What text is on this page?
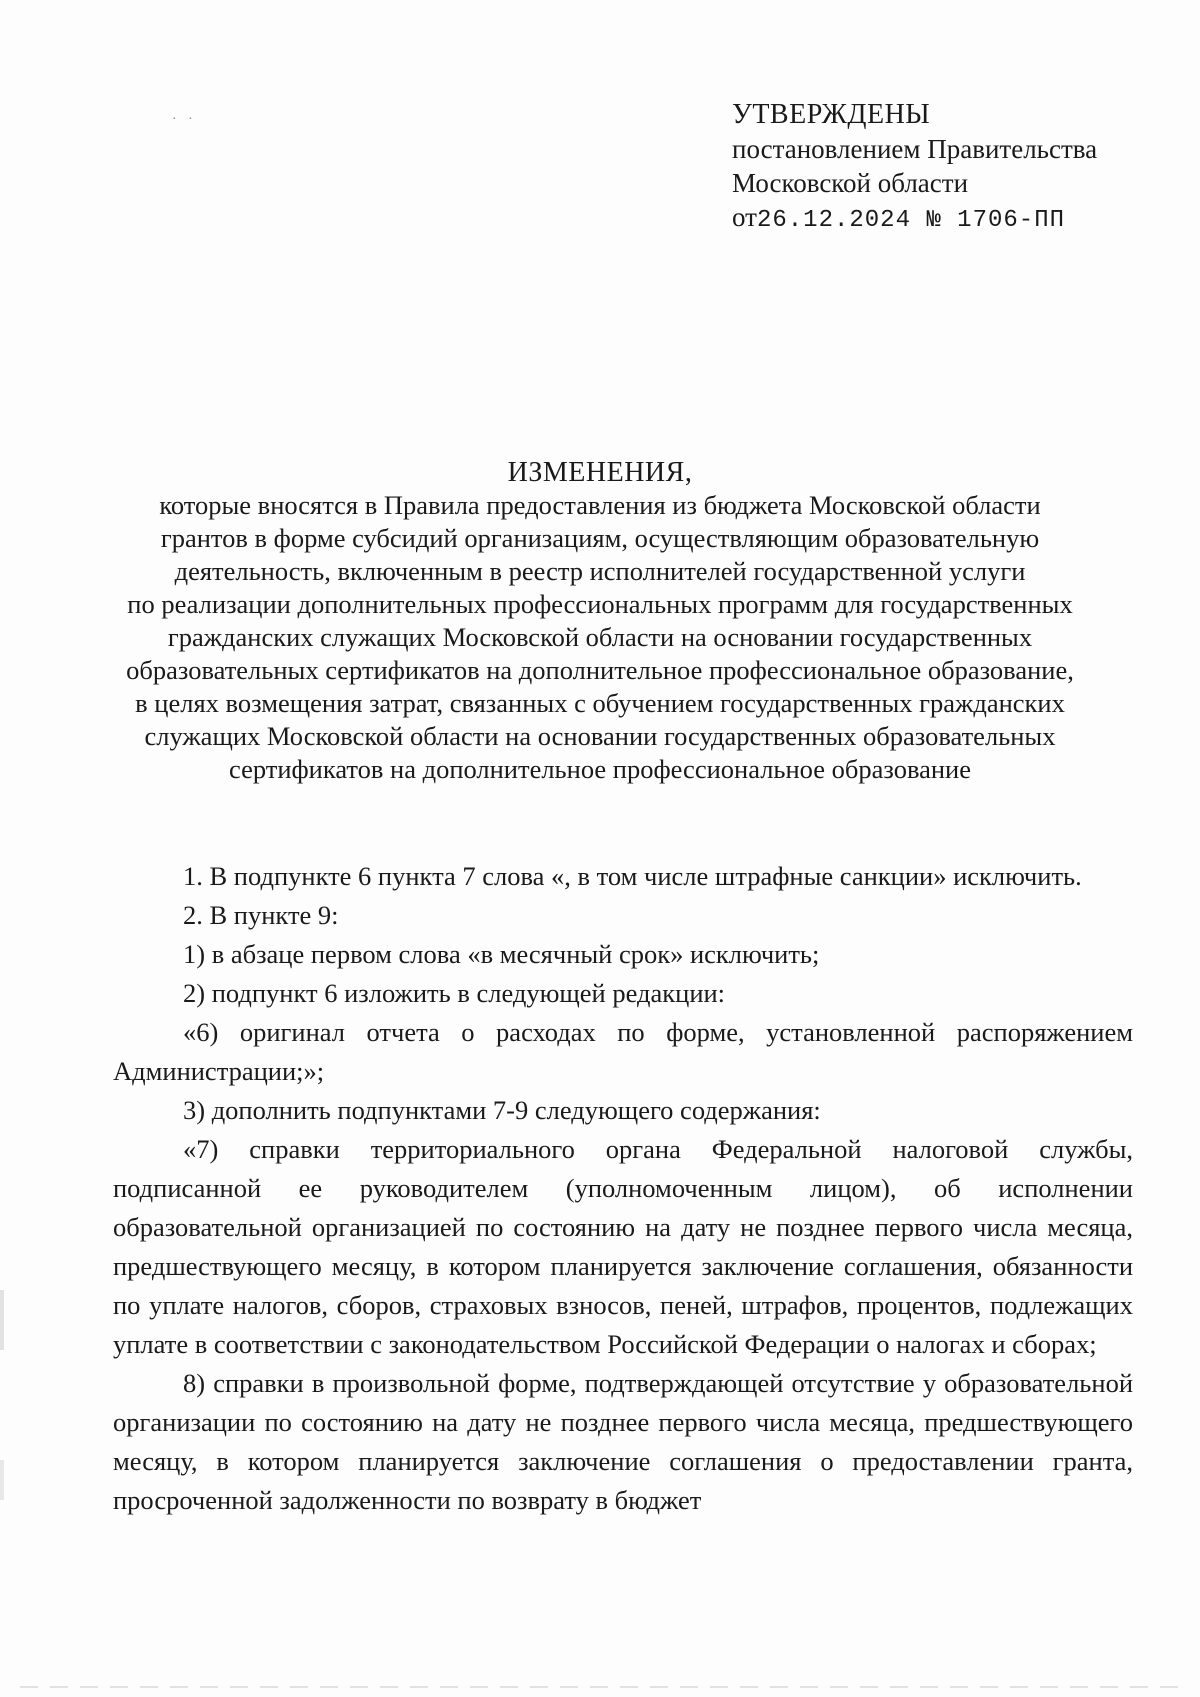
· ·	УТВЕРЖДЕНЫ
постановлением Правительства
Московской области
от26.12.2024 № 1706-ПП
ИЗМЕНЕНИЯ,
которые вносятся в Правила предоставления из бюджета Московской области
грантов в форме субсидий организациям, осуществляющим образовательную
деятельность, включенным в реестр исполнителей государственной услуги
по реализации дополнительных профессиональных программ для государственных
гражданских служащих Московской области на основании государственных
образовательных сертификатов на дополнительное профессиональное образование,
в целях возмещения затрат, связанных с обучением государственных гражданских
служащих Московской области на основании государственных образовательных
сертификатов на дополнительное профессиональное образование

1. В подпункте 6 пункта 7 слова «, в том числе штрафные санкции» исключить.

2. В пункте 9:

1) в абзаце первом слова «в месячный срок» исключить;

2) подпункт 6 изложить в следующей редакции:

«6) оригинал отчета о расходах по форме, установленной распоряжением Администрации;»;

3) дополнить подпунктами 7-9 следующего содержания:

«7) справки территориального органа Федеральной налоговой службы, подписанной ее руководителем (уполномоченным лицом), об исполнении образовательной организацией по состоянию на дату не позднее первого числа месяца, предшествующего месяцу, в котором планируется заключение соглашения, обязанности по уплате налогов, сборов, страховых взносов, пеней, штрафов, процентов, подлежащих уплате в соответствии с законодательством Российской Федерации о налогах и сборах;

8) справки в произвольной форме, подтверждающей отсутствие у образовательной организации по состоянию на дату не позднее первого числа месяца, предшествующего месяцу, в котором планируется заключение соглашения о предоставлении гранта, просроченной задолженности по возврату в бюджет
